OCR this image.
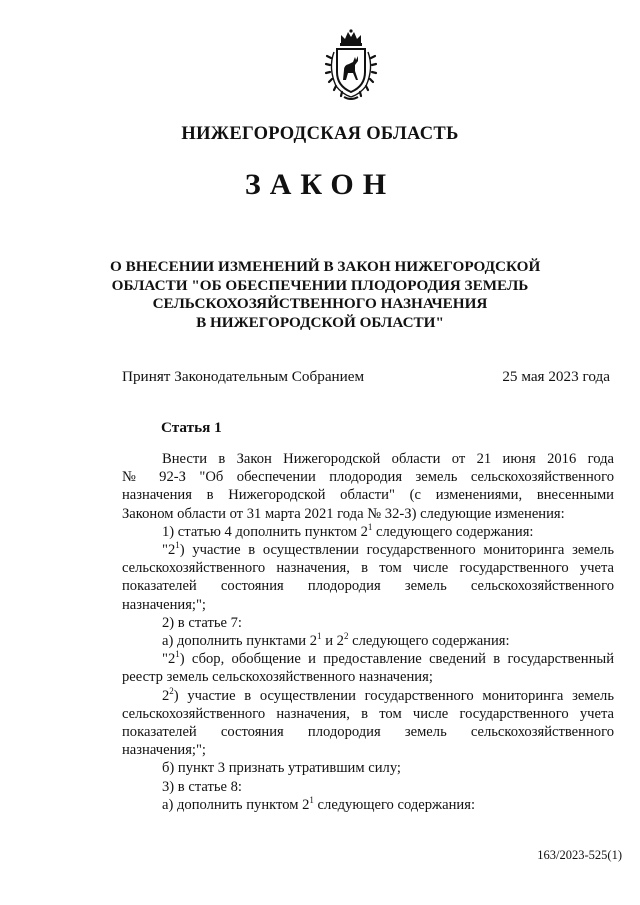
НИЖЕГОРОДСКАЯ ОБЛАСТЬ
ЗАКОН
О ВНЕСЕНИИ ИЗМЕНЕНИЙ В ЗАКОН НИЖЕГОРОДСКОЙ
ОБЛАСТИ "ОБ ОБЕСПЕЧЕНИИ ПЛОДОРОДИЯ ЗЕМЕЛЬ
СЕЛЬСКОХОЗЯЙСТВЕННОГО НАЗНАЧЕНИЯ
В НИЖЕГОРОДСКОЙ ОБЛАСТИ"
Принят Законодательным Собранием	25 мая 2023 года
Статья 1

Внести в Закон Нижегородской области от 21 июня 2016 года

№ 92-З "Об обеспечении плодородия земель сельскохозяйственного

назначения в Нижегородской области" (с изменениями, внесенными

Законом области от 31 марта 2021 года № 32-З) следующие изменения:

1) статью 4 дополнить пунктом $2^1$ следующего содержания:

"$2^1$) участие в осуществлении государственного мониторинга земель

сельскохозяйственного назначения, в том числе государственного учета

показателей состояния плодородия земель сельскохозяйственного

назначения;";

2) в статье 7:

а) дополнить пунктами $2^1$ и $2^2$ следующего содержания:

"$2^1$) сбор, обобщение и предоставление сведений в государственный

реестр земель сельскохозяйственного назначения;

$2^2$) участие в осуществлении государственного мониторинга земель

сельскохозяйственного назначения, в том числе государственного учета

показателей состояния плодородия земель сельскохозяйственного

назначения;";

б) пункт 3 признать утратившим силу;

3) в статье 8:

а) дополнить пунктом $2^1$ следующего содержания:

163/2023-525(1)
